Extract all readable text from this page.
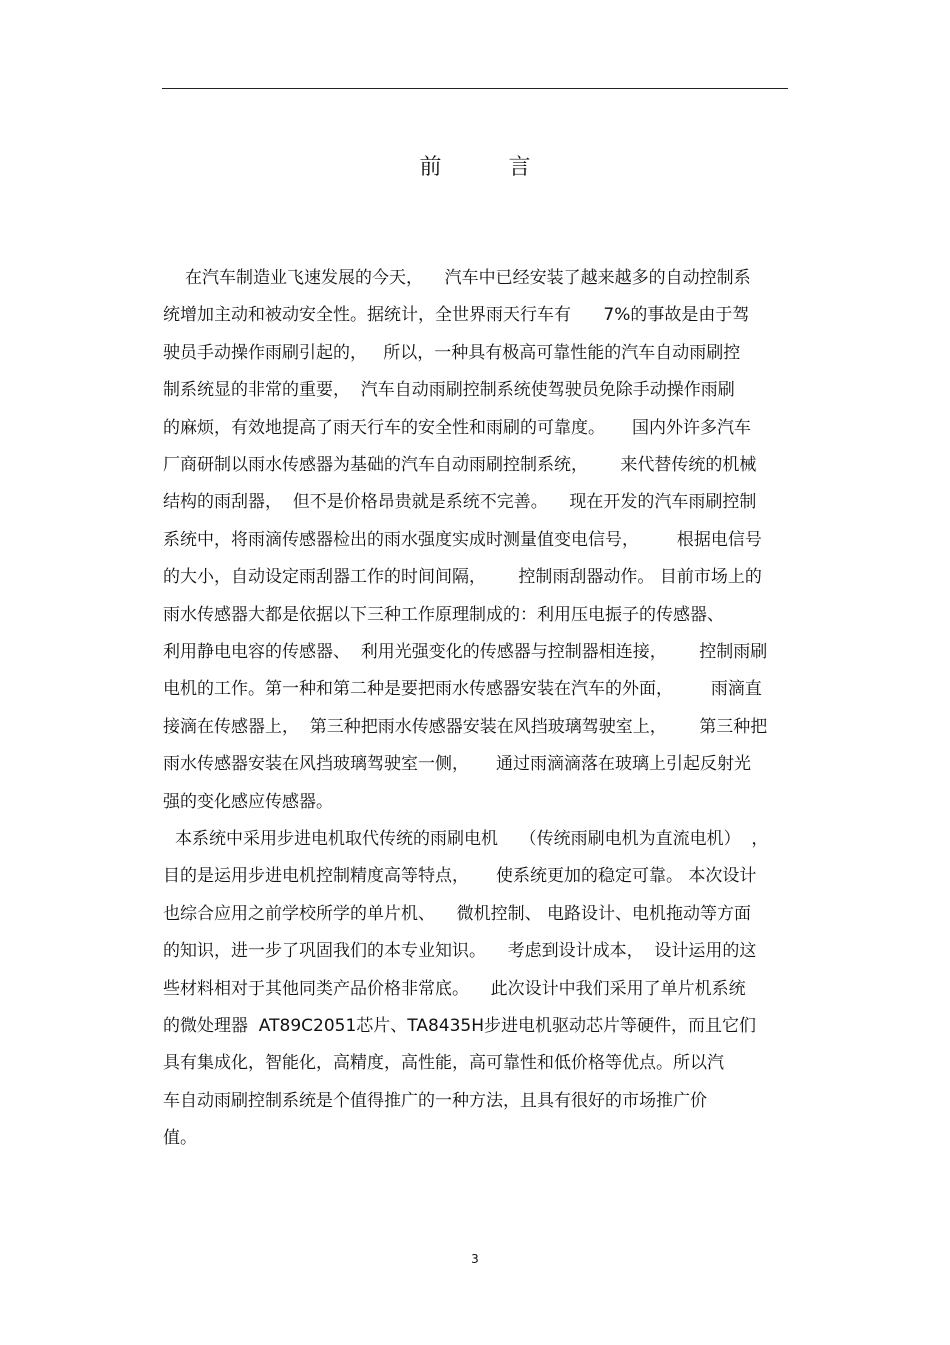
前 言
在汽车制造业飞速发展的今天，    汽车中已经安装了越来越多的自动控制系
统增加主动和被动安全性。据统计，全世界雨天行车有      7%的事故是由于驾
驶员手动操作雨刷引起的，   所以，一种具有极高可靠性能的汽车自动雨刷控
制系统显的非常的重要，  汽车自动雨刷控制系统使驾驶员免除手动操作雨刷
的麻烦，有效地提高了雨天行车的安全性和雨刷的可靠度。     国内外许多汽车
厂商研制以雨水传感器为基础的汽车自动雨刷控制系统，      来代替传统的机械
结构的雨刮器，  但不是价格昂贵就是系统不完善。    现在开发的汽车雨刷控制
系统中，将雨滴传感器检出的雨水强度实成时测量值变电信号，       根据电信号
的大小，自动设定雨刮器工作的时间间隔，      控制雨刮器动作。 目前市场上的
雨水传感器大都是依据以下三种工作原理制成的：利用压电振子的传感器、
利用静电电容的传感器、  利用光强变化的传感器与控制器相连接，      控制雨刷
电机的工作。第一种和第二种是要把雨水传感器安装在汽车的外面，       雨滴直
接滴在传感器上，  第三种把雨水传感器安装在风挡玻璃驾驶室上，      第三种把
雨水传感器安装在风挡玻璃驾驶室一侧，     通过雨滴滴落在玻璃上引起反射光
强的变化感应传感器。
本系统中采用步进电机取代传统的雨刷电机    （传统雨刷电机为直流电机）  ，
目的是运用步进电机控制精度高等特点，     使系统更加的稳定可靠。 本次设计
也综合应用之前学校所学的单片机、    微机控制、 电路设计、电机拖动等方面
的知识，进一步了巩固我们的本专业知识。    考虑到设计成本，  设计运用的这
些材料相对于其他同类产品价格非常底。    此次设计中我们采用了单片机系统
的微处理器  AT89C2051芯片、TA8435H步进电机驱动芯片等硬件，而且它们
具有集成化，智能化，高精度，高性能，高可靠性和低价格等优点。所以汽
车自动雨刷控制系统是个值得推广的一种方法，且具有很好的市场推广价
值。
3
